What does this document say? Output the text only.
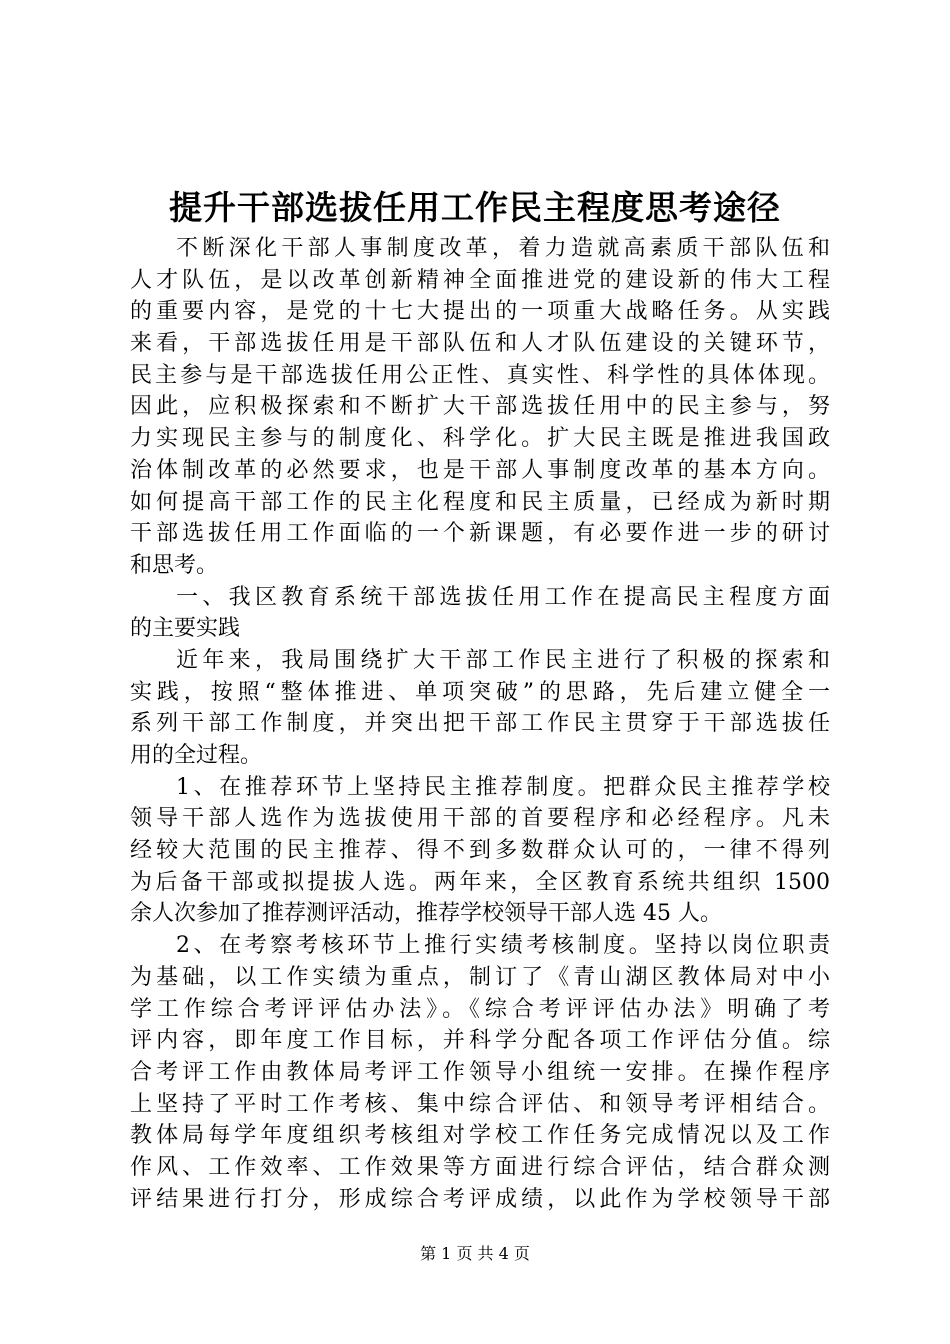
提升干部选拔任用工作民主程度思考途径
不断深化干部人事制度改革，着力造就高素质干部队伍和
人才队伍，是以改革创新精神全面推进党的建设新的伟大工程
的重要内容，是党的十七大提出的一项重大战略任务。从实践
来看，干部选拔任用是干部队伍和人才队伍建设的关键环节，
民主参与是干部选拔任用公正性、真实性、科学性的具体体现。
因此，应积极探索和不断扩大干部选拔任用中的民主参与，努
力实现民主参与的制度化、科学化。扩大民主既是推进我国政
治体制改革的必然要求，也是干部人事制度改革的基本方向。
如何提高干部工作的民主化程度和民主质量，已经成为新时期
干部选拔任用工作面临的一个新课题，有必要作进一步的研讨
和思考。
一、我区教育系统干部选拔任用工作在提高民主程度方面
的主要实践
近年来，我局围绕扩大干部工作民主进行了积极的探索和
实践，按照“整体推进、单项突破”的思路，先后建立健全一
系列干部工作制度，并突出把干部工作民主贯穿于干部选拔任
用的全过程。
1、在推荐环节上坚持民主推荐制度。把群众民主推荐学校
领导干部人选作为选拔使用干部的首要程序和必经程序。凡未
经较大范围的民主推荐、得不到多数群众认可的，一律不得列
为后备干部或拟提拔人选。两年来，全区教育系统共组织 1500
余人次参加了推荐测评活动，推荐学校领导干部人选 45 人。
2、在考察考核环节上推行实绩考核制度。坚持以岗位职责
为基础，以工作实绩为重点，制订了《青山湖区教体局对中小
学工作综合考评评估办法》。《综合考评评估办法》明确了考
评内容，即年度工作目标，并科学分配各项工作评估分值。综
合考评工作由教体局考评工作领导小组统一安排。在操作程序
上坚持了平时工作考核、集中综合评估、和领导考评相结合。
教体局每学年度组织考核组对学校工作任务完成情况以及工作
作风、工作效率、工作效果等方面进行综合评估，结合群众测
评结果进行打分，形成综合考评成绩，以此作为学校领导干部
第 1 页 共 4 页
